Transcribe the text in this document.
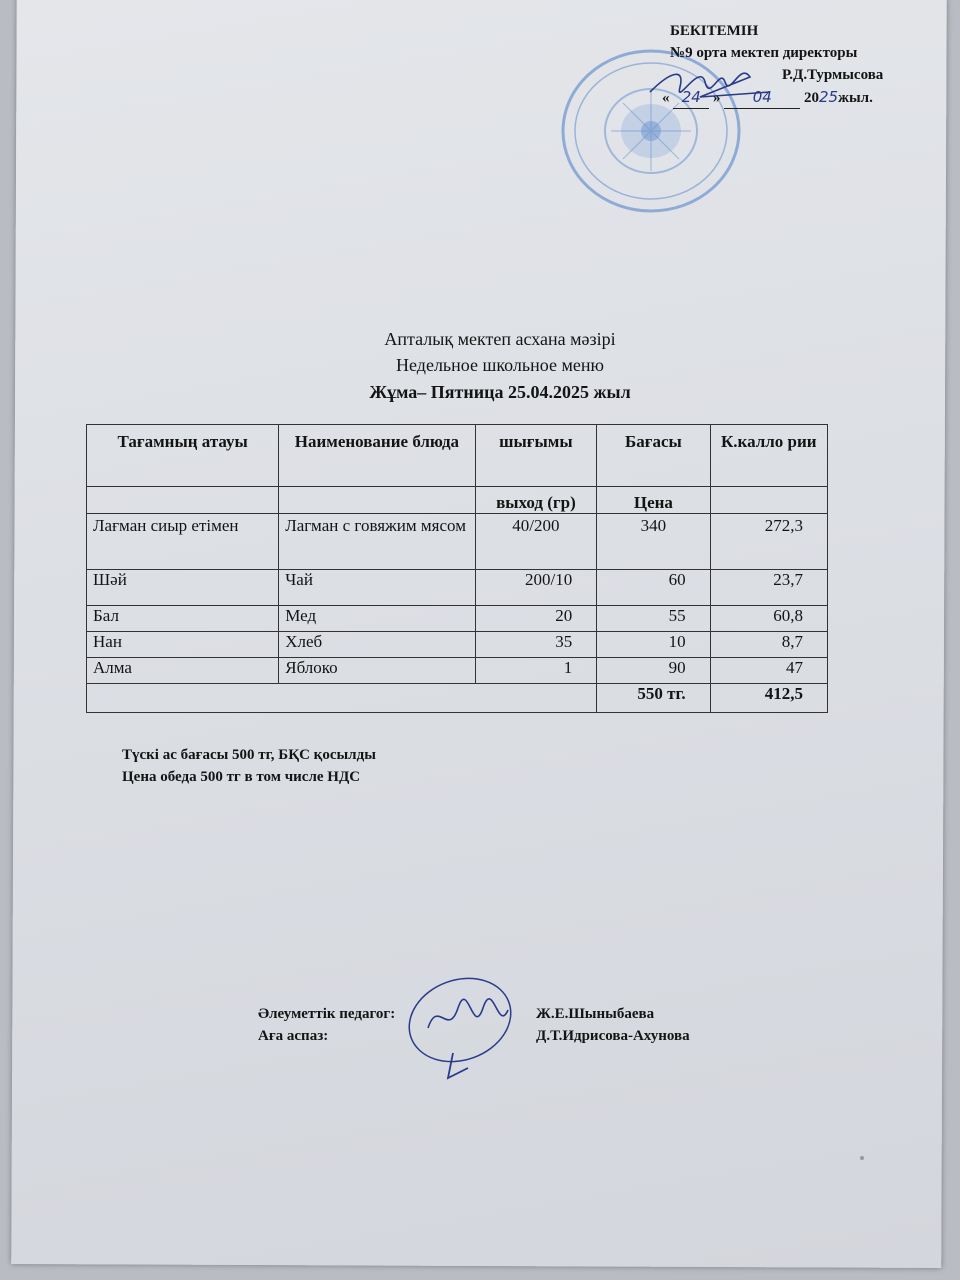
БЕКІТЕМІН
№9 орта мектеп директоры
Р.Д.Турмысова
« 24 » 04 2025жыл.
Апталық мектеп асхана мәзірі
Недельное школьное меню
Жұма– Пятница 25.04.2025 жыл
Тағамның атауы	Наименование блюда	шығымы	Бағасы	К.калло рии
		выход (гр)	Цена	
Лағман сиыр етімен	Лагман с говяжим мясом	40/200	340	272,3
Шәй	Чай	200/10	60	23,7
Бал	Мед	20	55	60,8
Нан	Хлеб	35	10	8,7
Алма	Яблоко	1	90	47
			550 тг.	412,5
Түскі ас бағасы 500 тг, БҚС қосылды
Цена обеда 500 тг в том числе НДС
Әлеуметтік педагог:
Аға аспаз:
Ж.Е.Шыныбаева
Д.Т.Идрисова-Ахунова
